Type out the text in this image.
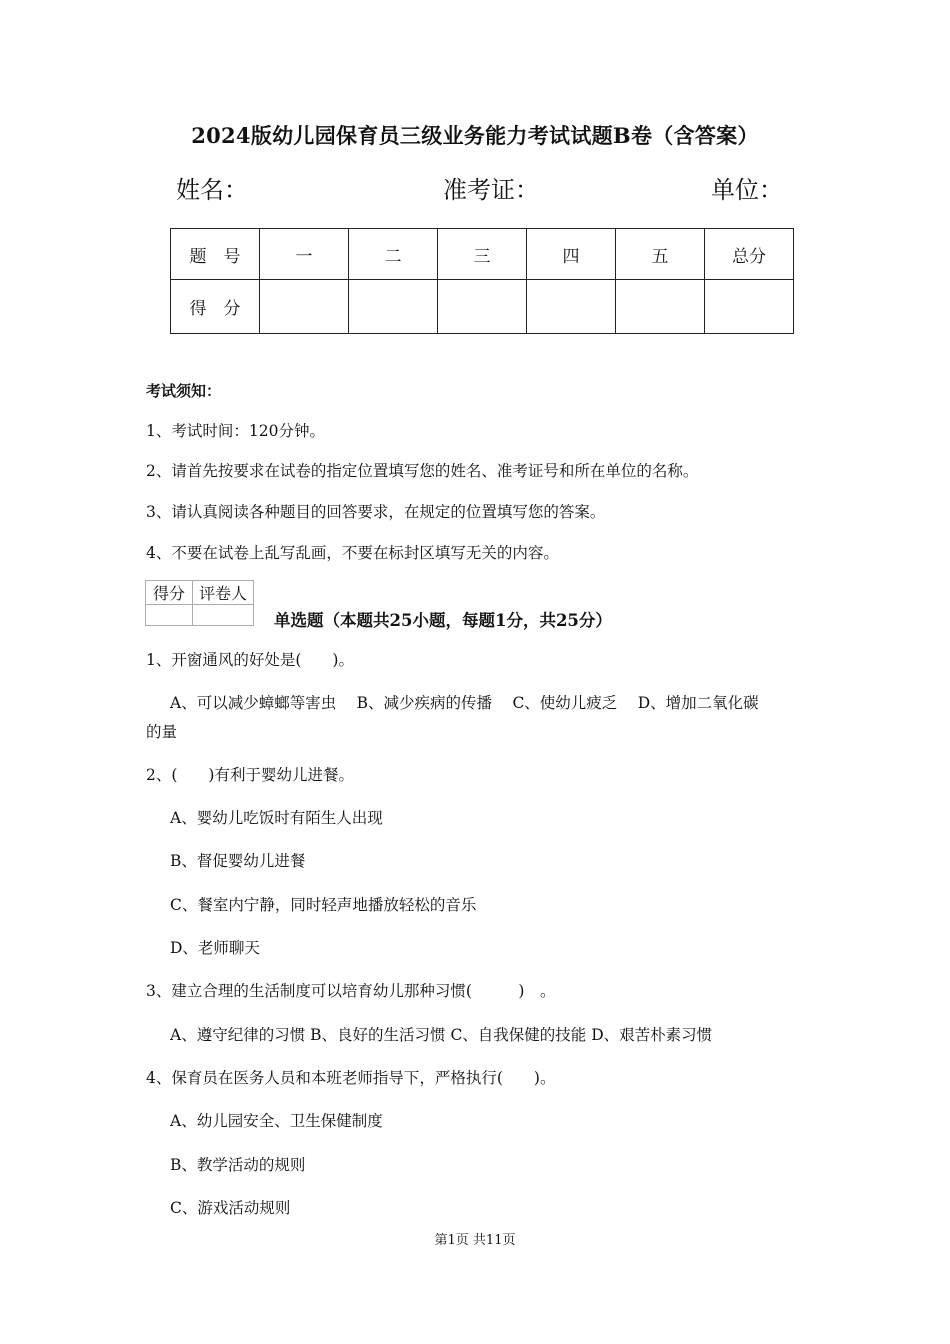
2024版幼儿园保育员三级业务能力考试试题B卷（含答案）
姓名：	准考证：	单位：
题　号	一	二	三	四	五	总分
得　分						
考试须知：
1、考试时间：120分钟。
2、请首先按要求在试卷的指定位置填写您的姓名、准考证号和所在单位的名称。
3、请认真阅读各种题目的回答要求，在规定的位置填写您的答案。
4、不要在试卷上乱写乱画，不要在标封区填写无关的内容。
得分	评卷人

单选题（本题共25小题，每题1分，共25分）
1、开窗通风的好处是(　　)。
A、可以减少蟑螂等害虫　 B、减少疾病的传播　 C、使幼儿疲乏　 D、增加二氧化碳
的量
2、(　　)有利于婴幼儿进餐。
A、婴幼儿吃饭时有陌生人出现
B、督促婴幼儿进餐
C、餐室内宁静，同时轻声地播放轻松的音乐
D、老师聊天
3、建立合理的生活制度可以培育幼儿那种习惯(　　　)　。
A、遵守纪律的习惯 B、良好的生活习惯 C、自我保健的技能 D、艰苦朴素习惯
4、保育员在医务人员和本班老师指导下，严格执行(　　)。
A、幼儿园安全、卫生保健制度
B、教学活动的规则
C、游戏活动规则
第1页 共11页
